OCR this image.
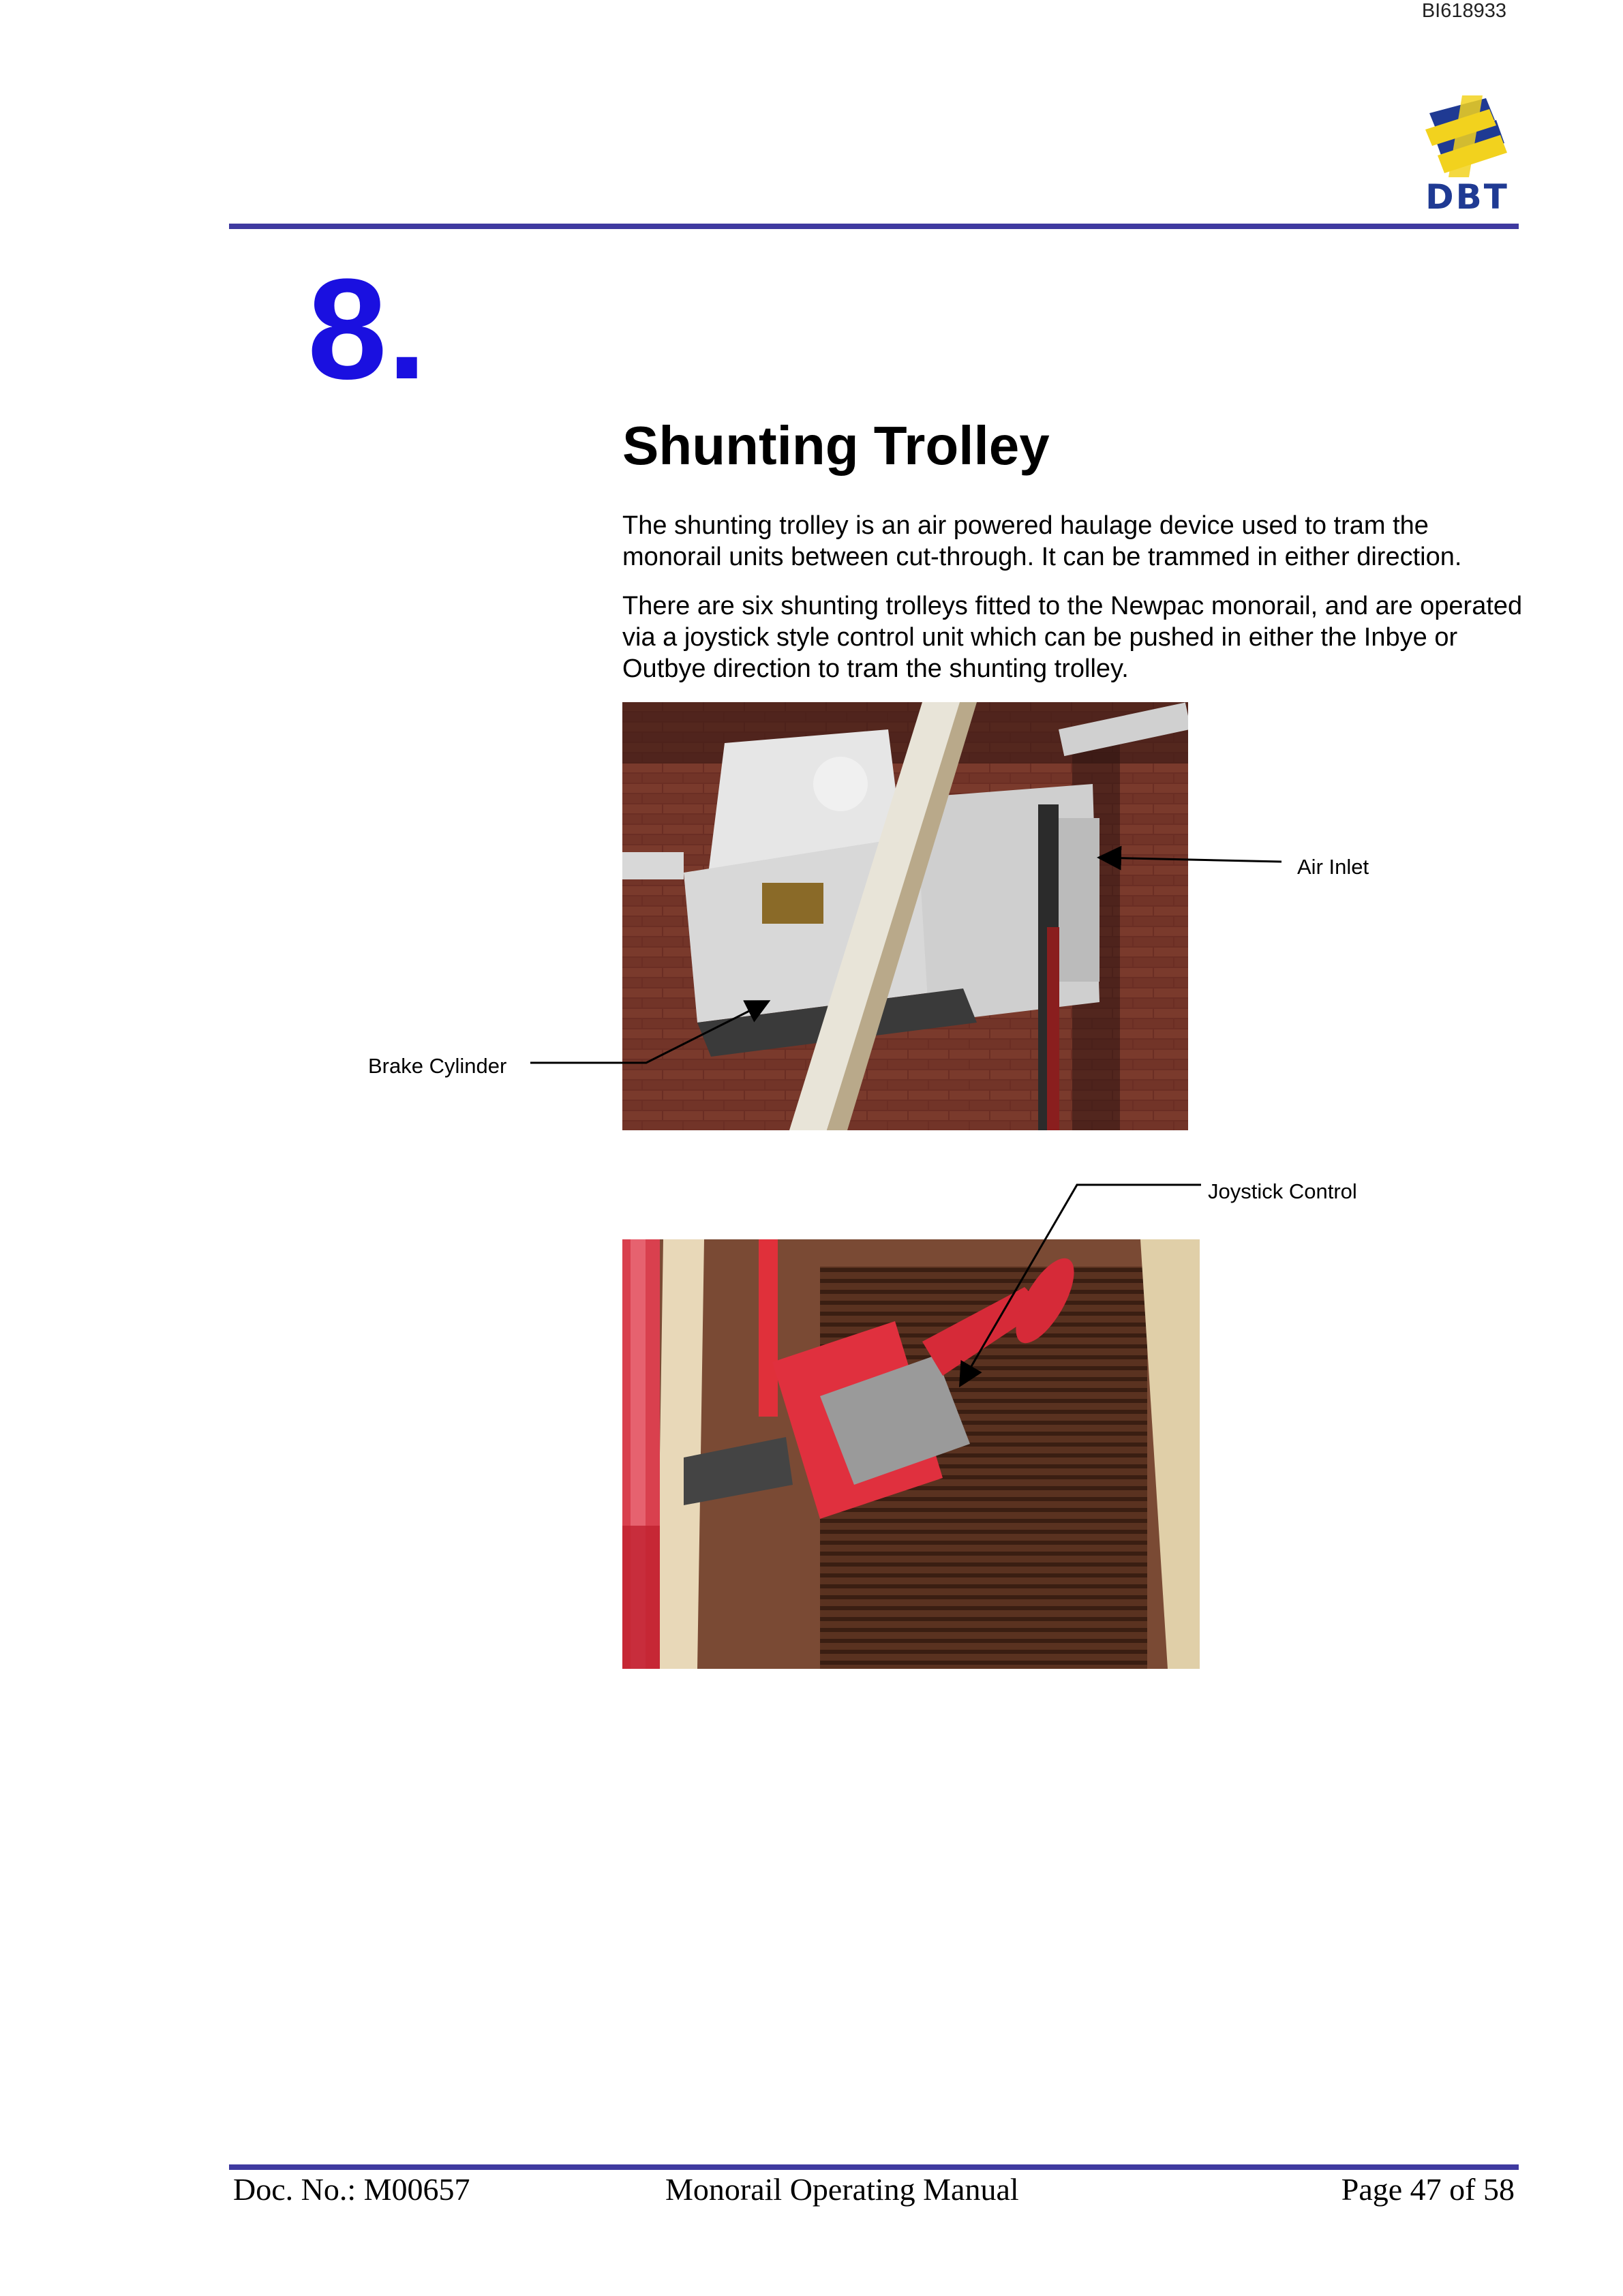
BI618933
DBT
8.
Shunting Trolley
The shunting trolley is an air powered haulage device used to tram the monorail units between cut-through. It can be trammed in either direction.
There are six shunting trolleys fitted to the Newpac monorail, and are operated via a joystick style control unit which can be pushed in either the Inbye or Outbye direction to tram the shunting trolley.
Air Inlet
Brake Cylinder
Joystick Control
Doc. No.: M00657	Monorail Operating Manual	Page 47 of 58
